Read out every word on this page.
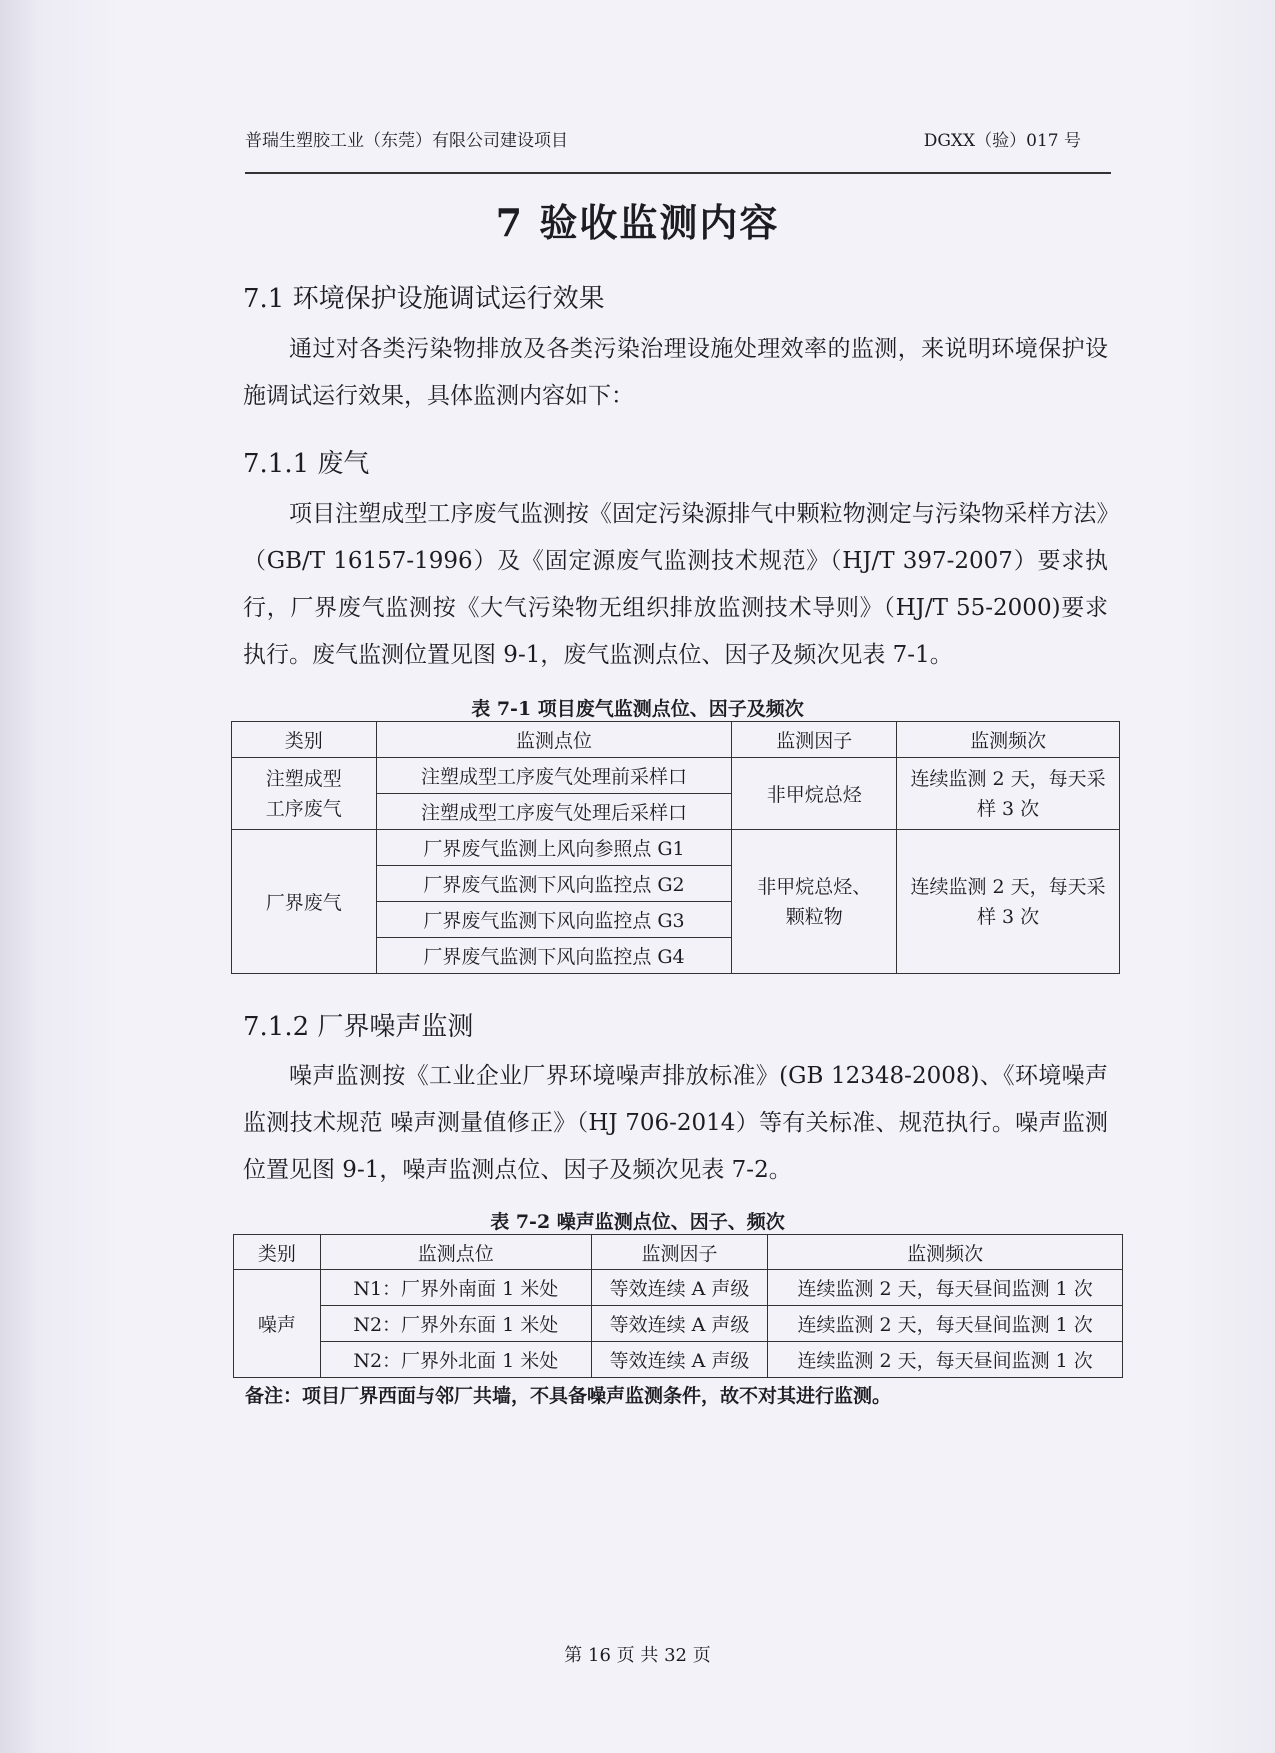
普瑞生塑胶工业（东莞）有限公司建设项目	DGXX（验）017 号
7 验收监测内容
7.1 环境保护设施调试运行效果

通过对各类污染物排放及各类污染治理设施处理效率的监测，来说明环境保护设施调试运行效果，具体监测内容如下：

7.1.1 废气

项目注塑成型工序废气监测按《固定污染源排气中颗粒物测定与污染物采样方法》（GB/T 16157-1996）及《固定源废气监测技术规范》（HJ/T 397-2007）要求执行，厂界废气监测按《大气污染物无组织排放监测技术导则》（HJ/T 55-2000)要求执行。废气监测位置见图 9-1，废气监测点位、因子及频次见表 7-1。

表 7-1 项目废气监测点位、因子及频次
类别	监测点位	监测因子	监测频次

注塑成型工序废气	注塑成型工序废气处理前采样口	非甲烷总烃	连续监测 2 天，每天采样 3 次

	注塑成型工序废气处理后采样口		
厂界废气	厂界废气监测上风向参照点 G1	非甲烷总烃、颗粒物	连续监测 2 天，每天采样 3 次

	厂界废气监测下风向监控点 G2		
	厂界废气监测下风向监控点 G3		
	厂界废气监测下风向监控点 G4		
7.1.2 厂界噪声监测

噪声监测按《工业企业厂界环境噪声排放标准》(GB 12348-2008)、《环境噪声监测技术规范 噪声测量值修正》（HJ 706-2014）等有关标准、规范执行。噪声监测位置见图 9-1，噪声监测点位、因子及频次见表 7-2。

表 7-2 噪声监测点位、因子、频次
类别	监测点位	监测因子	监测频次
噪声	N1：厂界外南面 1 米处	等效连续 A 声级	连续监测 2 天，每天昼间监测 1 次
	N2：厂界外东面 1 米处	等效连续 A 声级	连续监测 2 天，每天昼间监测 1 次
	N2：厂界外北面 1 米处	等效连续 A 声级	连续监测 2 天，每天昼间监测 1 次
备注：项目厂界西面与邻厂共墙，不具备噪声监测条件，故不对其进行监测。
第 16 页 共 32 页
